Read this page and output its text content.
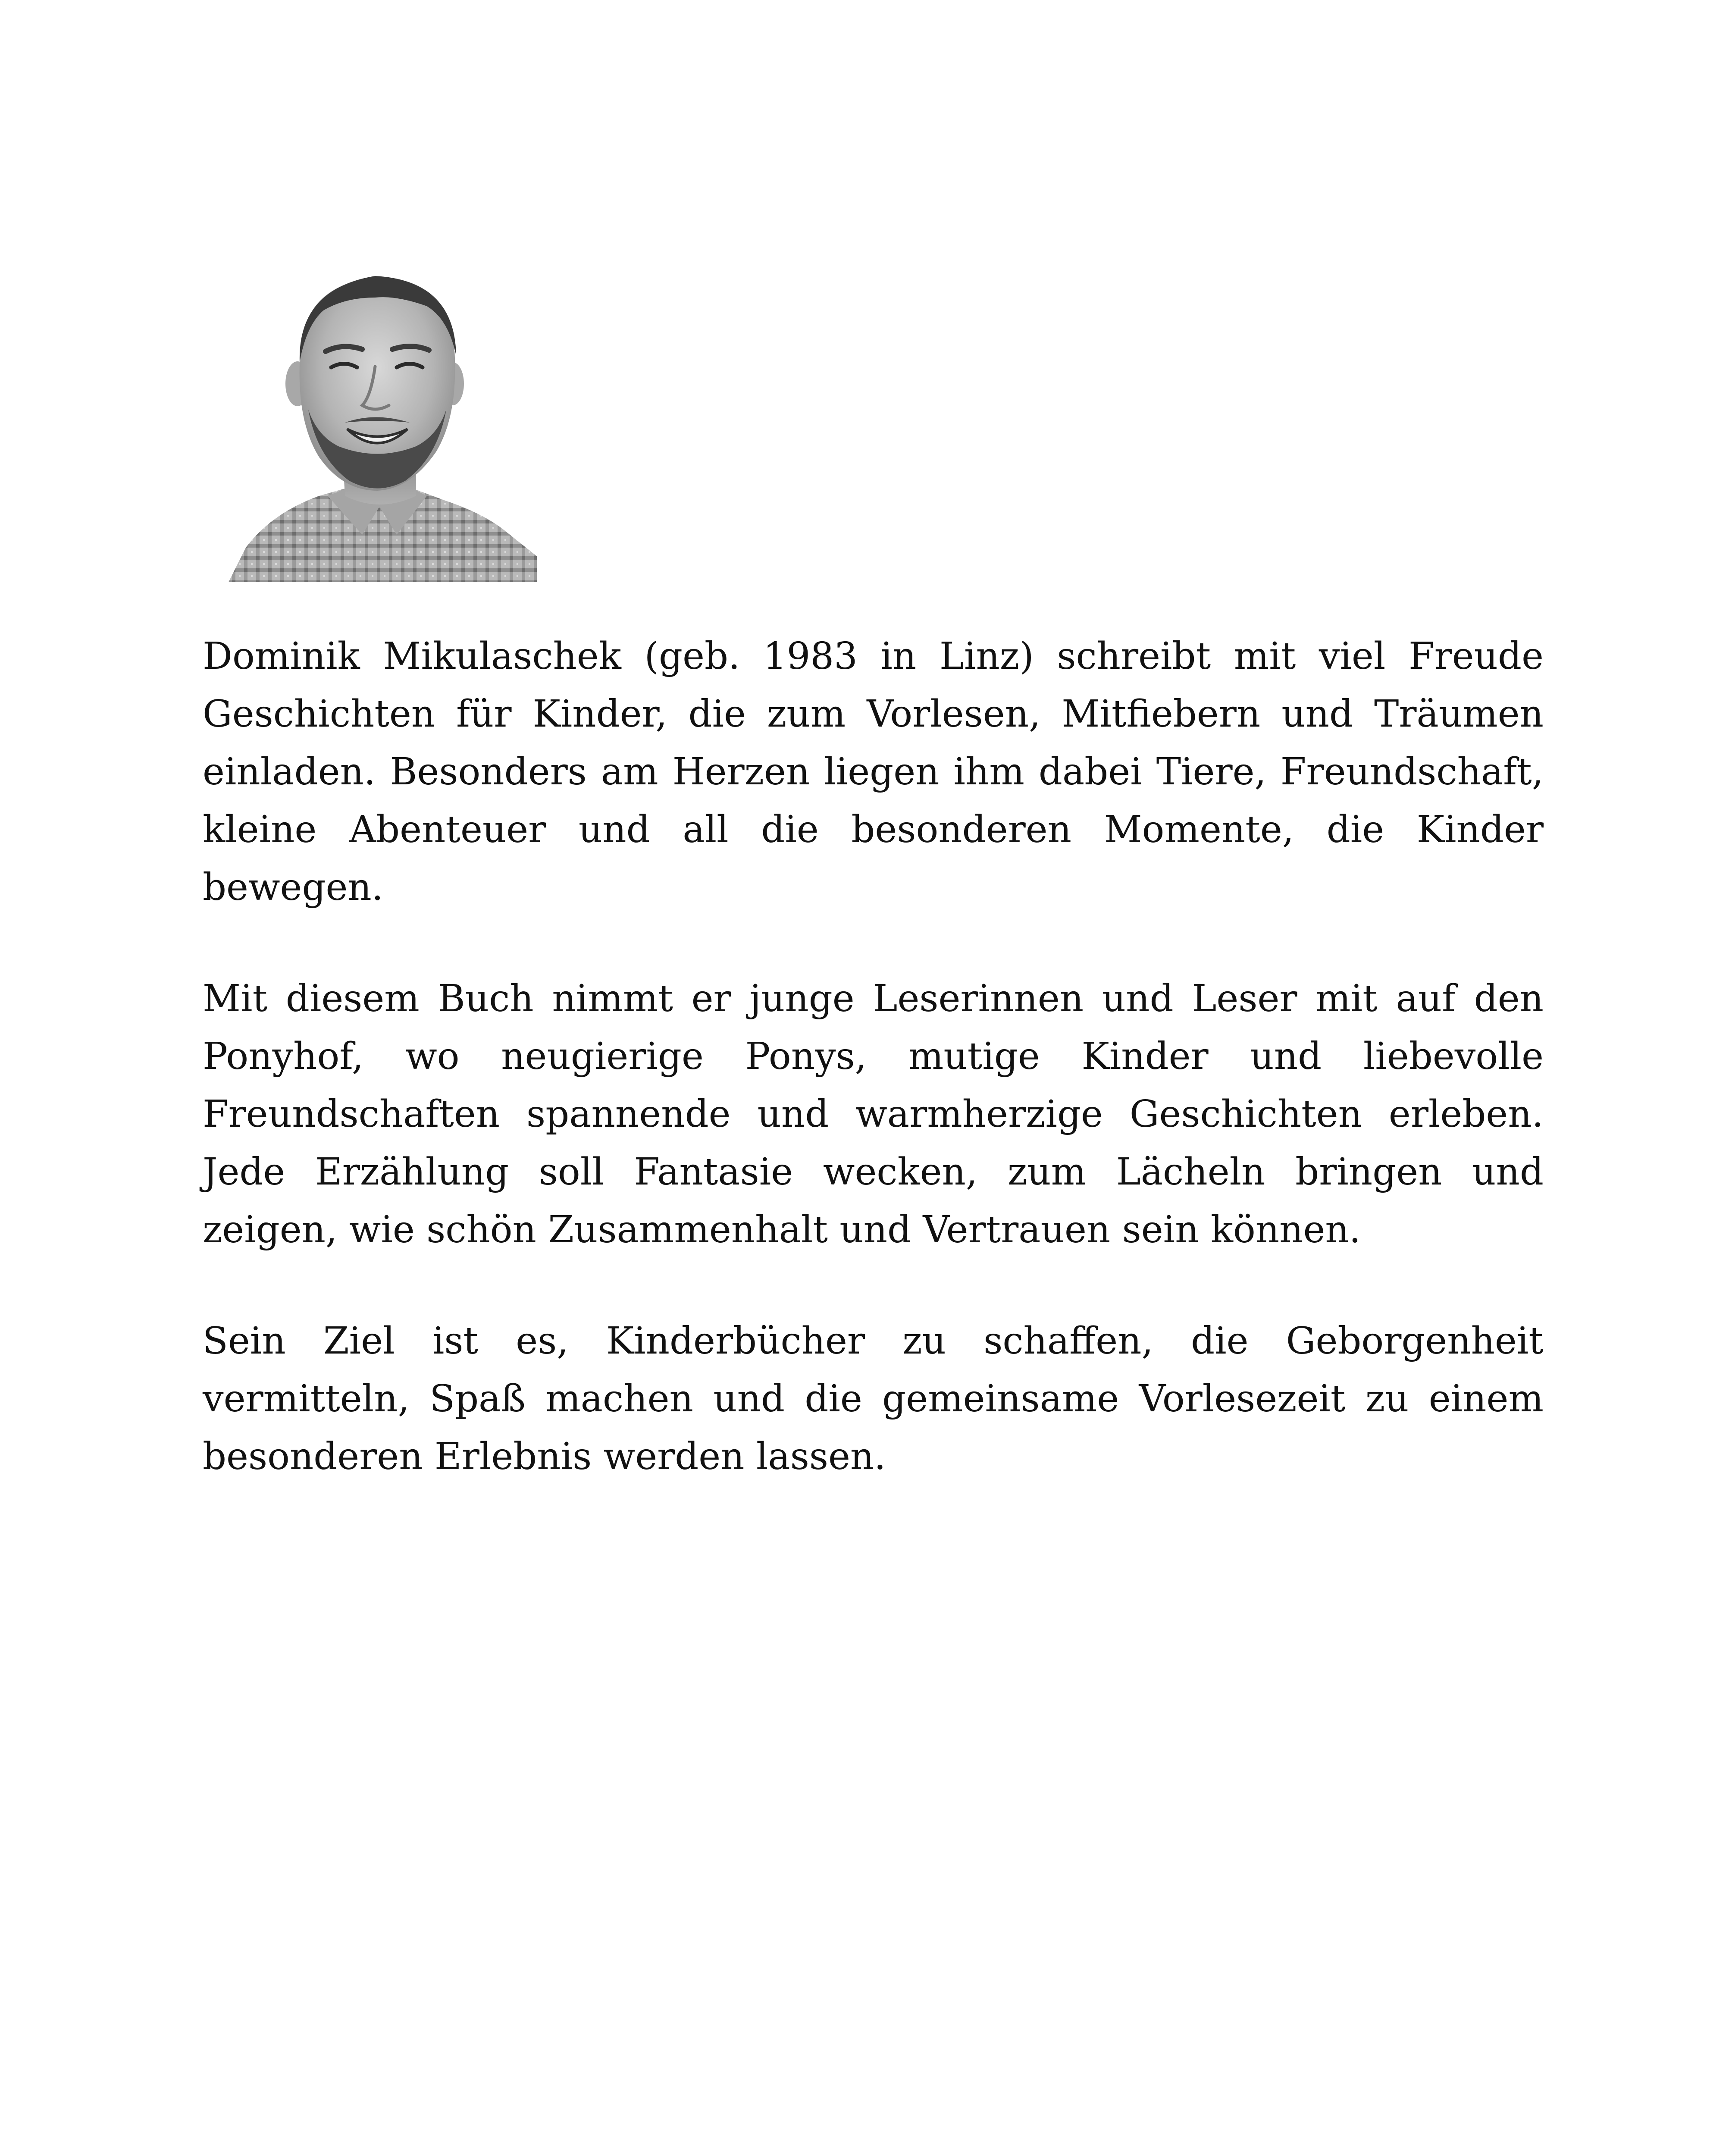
Dominik Mikulaschek (geb. 1983 in Linz) schreibt mit viel Freude Geschichten für Kinder, die zum Vorlesen, Mitfiebern und Träumen einladen. Besonders am Herzen liegen ihm dabei Tiere, Freundschaft, kleine Abenteuer und all die besonderen Momente, die Kinder bewegen.

Mit diesem Buch nimmt er junge Leserinnen und Leser mit auf den Ponyhof, wo neugierige Ponys, mutige Kinder und liebevolle Freundschaften spannende und warmherzige Geschichten erleben. Jede Erzählung soll Fantasie wecken, zum Lächeln bringen und zeigen, wie schön Zusammenhalt und Vertrauen sein können.

Sein Ziel ist es, Kinderbücher zu schaffen, die Geborgenheit vermitteln, Spaß machen und die gemeinsame Vorlesezeit zu einem besonderen Erlebnis werden lassen.
